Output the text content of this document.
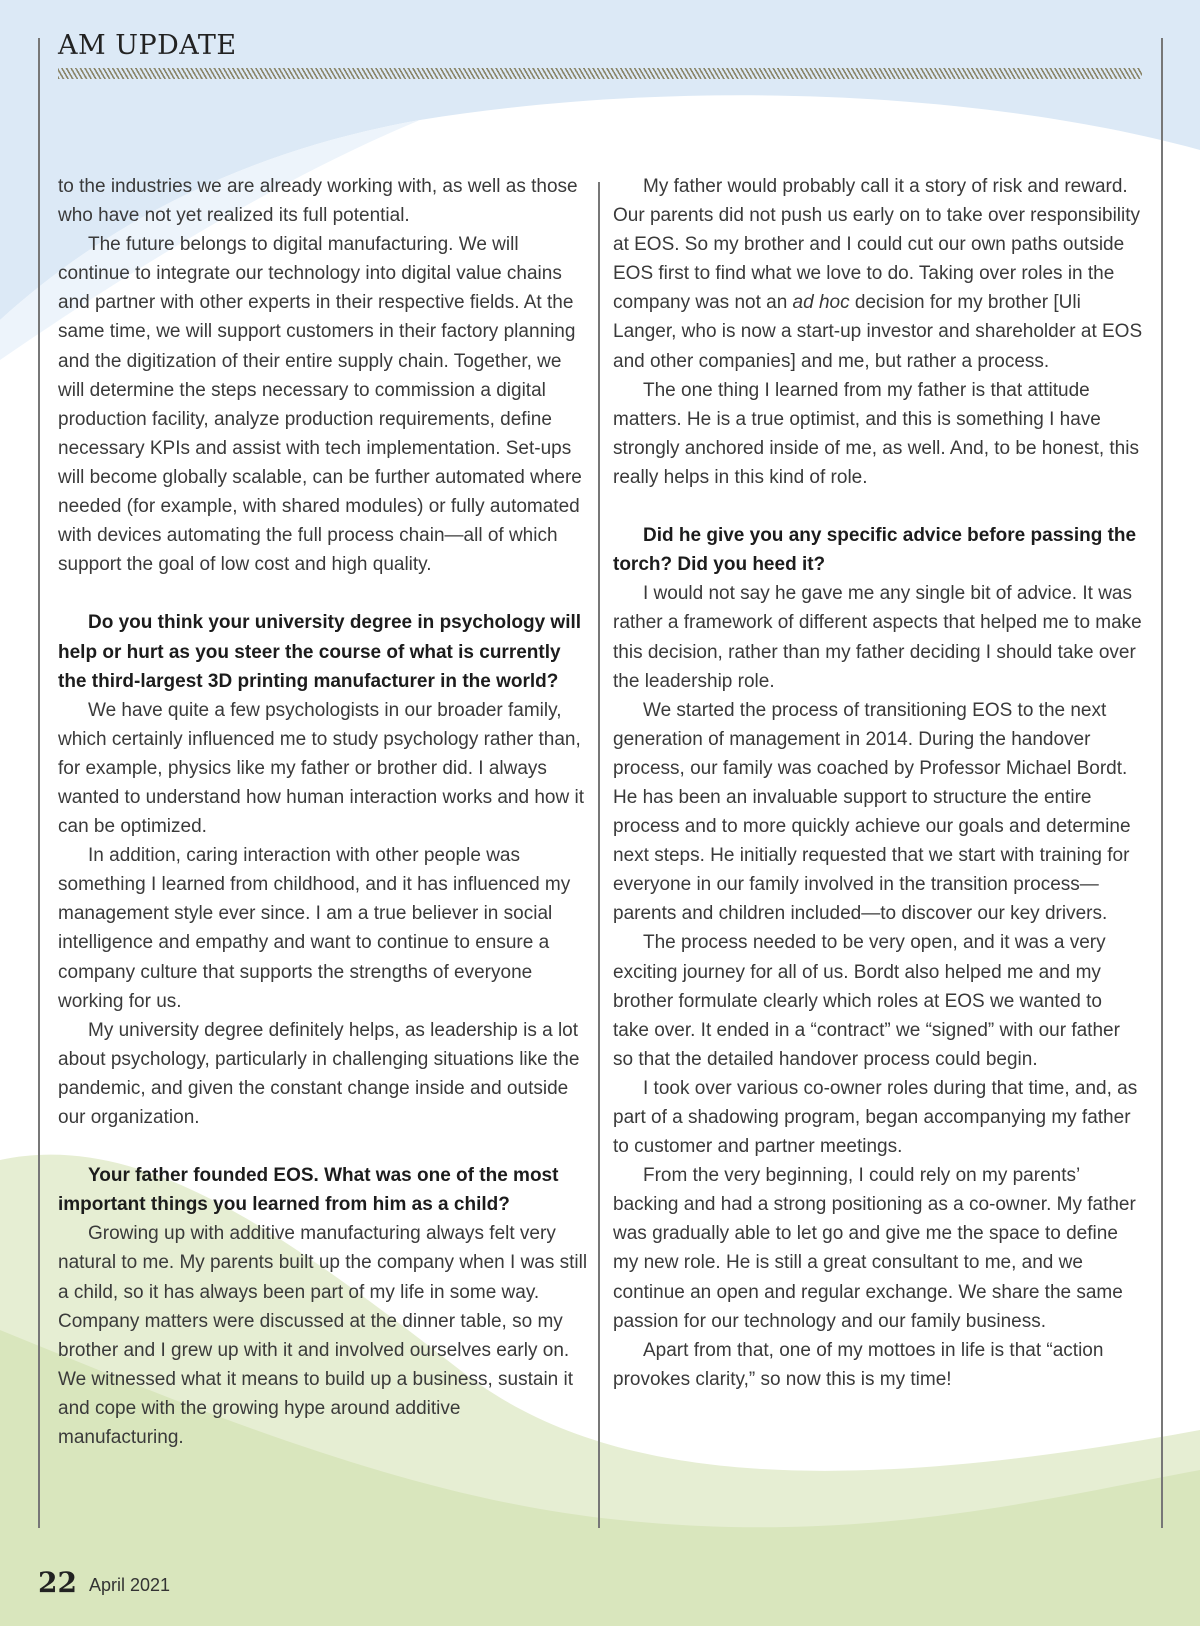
AM UPDATE

to the industries we are already working with, as well as those who have not yet realized its full potential.

The future belongs to digital manufacturing. We will continue to integrate our technology into digital value chains and partner with other experts in their respective fields. At the same time, we will support customers in their factory planning and the digitization of their entire supply chain. Together, we will determine the steps necessary to commission a digital production facility, analyze production requirements, define necessary KPIs and assist with tech implementation. Set-ups will become globally scalable, can be further automated where needed (for example, with shared modules) or fully automated with devices automating the full process chain—all of which support the goal of low cost and high quality.

Do you think your university degree in psychology will help or hurt as you steer the course of what is currently the third-largest 3D printing manufacturer in the world?

We have quite a few psychologists in our broader family, which certainly influenced me to study psychology rather than, for example, physics like my father or brother did. I always wanted to understand how human interaction works and how it can be optimized.

In addition, caring interaction with other people was something I learned from childhood, and it has influenced my management style ever since. I am a true believer in social intelligence and empathy and want to continue to ensure a company culture that supports the strengths of everyone working for us.

My university degree definitely helps, as leadership is a lot about psychology, particularly in challenging situations like the pandemic, and given the constant change inside and outside our organization.

Your father founded EOS. What was one of the most important things you learned from him as a child?

Growing up with additive manufacturing always felt very natural to me. My parents built up the company when I was still a child, so it has always been part of my life in some way. Company matters were discussed at the dinner table, so my brother and I grew up with it and involved ourselves early on. We witnessed what it means to build up a business, sustain it and cope with the growing hype around additive manufacturing.

My father would probably call it a story of risk and reward. Our parents did not push us early on to take over responsibility at EOS. So my brother and I could cut our own paths outside EOS first to find what we love to do. Taking over roles in the company was not an ad hoc decision for my brother [Uli Langer, who is now a start-up investor and shareholder at EOS and other companies] and me, but rather a process.

The one thing I learned from my father is that attitude matters. He is a true optimist, and this is something I have strongly anchored inside of me, as well. And, to be honest, this really helps in this kind of role.

Did he give you any specific advice before passing the torch? Did you heed it?

I would not say he gave me any single bit of advice. It was rather a framework of different aspects that helped me to make this decision, rather than my father deciding I should take over the leadership role.

We started the process of transitioning EOS to the next generation of management in 2014. During the handover process, our family was coached by Professor Michael Bordt. He has been an invaluable support to structure the entire process and to more quickly achieve our goals and determine next steps. He initially requested that we start with training for everyone in our family involved in the transition process—parents and children included—to discover our key drivers.

The process needed to be very open, and it was a very exciting journey for all of us. Bordt also helped me and my brother formulate clearly which roles at EOS we wanted to take over. It ended in a “contract” we “signed” with our father so that the detailed handover process could begin.

I took over various co-owner roles during that time, and, as part of a shadowing program, began accompanying my father to customer and partner meetings.

From the very beginning, I could rely on my parents’ backing and had a strong positioning as a co-owner. My father was gradually able to let go and give me the space to define my new role. He is still a great consultant to me, and we continue an open and regular exchange. We share the same passion for our technology and our family business.

Apart from that, one of my mottoes in life is that “action provokes clarity,” so now this is my time!

22 April 2021
